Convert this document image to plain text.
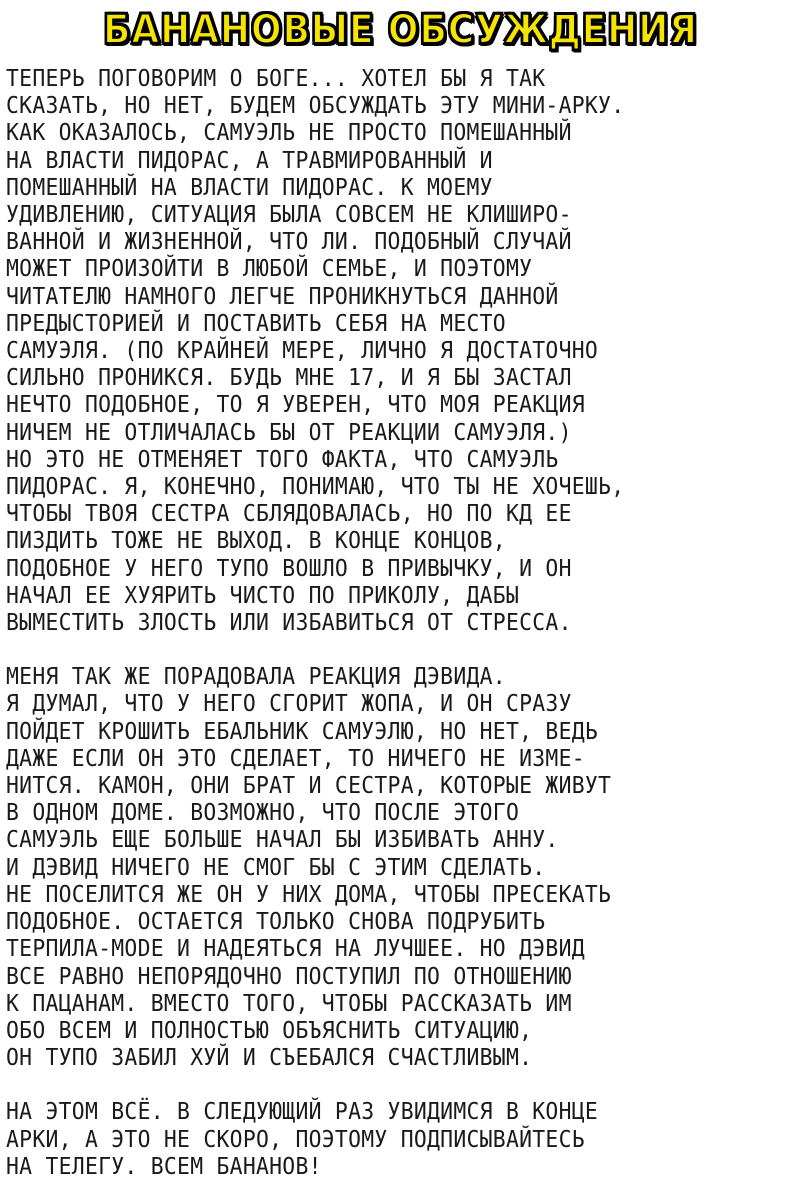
БАНАНОВЫЕ ОБСУЖДЕНИЯ
ТЕПЕРЬ ПОГОВОРИМ О БОГЕ... ХОТЕЛ БЫ Я ТАК
СКАЗАТЬ, НО НЕТ, БУДЕМ ОБСУЖДАТЬ ЭТУ МИНИ-АРКУ.
КАК ОКАЗАЛОСЬ, САМУЭЛЬ НЕ ПРОСТО ПОМЕШАННЫЙ
НА ВЛАСТИ ПИДОРАС, А ТРАВМИРОВАННЫЙ И
ПОМЕШАННЫЙ НА ВЛАСТИ ПИДОРАС. К МОЕМУ
УДИВЛЕНИЮ, СИТУАЦИЯ БЫЛА СОВСЕМ НЕ КЛИШИРО-
ВАННОЙ И ЖИЗНЕННОЙ, ЧТО ЛИ. ПОДОБНЫЙ СЛУЧАЙ
МОЖЕТ ПРОИЗОЙТИ В ЛЮБОЙ СЕМЬЕ, И ПОЭТОМУ
ЧИТАТЕЛЮ НАМНОГО ЛЕГЧЕ ПРОНИКНУТЬСЯ ДАННОЙ
ПРЕДЫСТОРИЕЙ И ПОСТАВИТЬ СЕБЯ НА МЕСТО
САМУЭЛЯ. (ПО КРАЙНЕЙ МЕРЕ, ЛИЧНО Я ДОСТАТОЧНО
СИЛЬНО ПРОНИКСЯ. БУДЬ МНЕ 17, И Я БЫ ЗАСТАЛ
НЕЧТО ПОДОБНОЕ, ТО Я УВЕРЕН, ЧТО МОЯ РЕАКЦИЯ
НИЧЕМ НЕ ОТЛИЧАЛАСЬ БЫ ОТ РЕАКЦИИ САМУЭЛЯ.)
НО ЭТО НЕ ОТМЕНЯЕТ ТОГО ФАКТА, ЧТО САМУЭЛЬ
ПИДОРАС. Я, КОНЕЧНО, ПОНИМАЮ, ЧТО ТЫ НЕ ХОЧЕШЬ,
ЧТОБЫ ТВОЯ СЕСТРА СБЛЯДОВАЛАСЬ, НО ПО КД ЕЕ
ПИЗДИТЬ ТОЖЕ НЕ ВЫХОД. В КОНЦЕ КОНЦОВ,
ПОДОБНОЕ У НЕГО ТУПО ВОШЛО В ПРИВЫЧКУ, И ОН
НАЧАЛ ЕЕ ХУЯРИТЬ ЧИСТО ПО ПРИКОЛУ, ДАБЫ
ВЫМЕСТИТЬ ЗЛОСТЬ ИЛИ ИЗБАВИТЬСЯ ОТ СТРЕССА.
МЕНЯ ТАК ЖЕ ПОРАДОВАЛА РЕАКЦИЯ ДЭВИДА.
Я ДУМАЛ, ЧТО У НЕГО СГОРИТ ЖОПА, И ОН СРАЗУ
ПОЙДЕТ КРОШИТЬ ЕБАЛЬНИК САМУЭЛЮ, НО НЕТ, ВЕДЬ
ДАЖЕ ЕСЛИ ОН ЭТО СДЕЛАЕТ, ТО НИЧЕГО НЕ ИЗМЕ-
НИТСЯ. КАМОН, ОНИ БРАТ И СЕСТРА, КОТОРЫЕ ЖИВУТ
В ОДНОМ ДОМЕ. ВОЗМОЖНО, ЧТО ПОСЛЕ ЭТОГО
САМУЭЛЬ ЕЩЕ БОЛЬШЕ НАЧАЛ БЫ ИЗБИВАТЬ АННУ.
И ДЭВИД НИЧЕГО НЕ СМОГ БЫ С ЭТИМ СДЕЛАТЬ.
НЕ ПОСЕЛИТСЯ ЖЕ ОН У НИХ ДОМА, ЧТОБЫ ПРЕСЕКАТЬ
ПОДОБНОЕ. ОСТАЕТСЯ ТОЛЬКО СНОВА ПОДРУБИТЬ
ТЕРПИЛА-MODE И НАДЕЯТЬСЯ НА ЛУЧШЕЕ. НО ДЭВИД
ВСЕ РАВНО НЕПОРЯДОЧНО ПОСТУПИЛ ПО ОТНОШЕНИЮ
К ПАЦАНАМ. ВМЕСТО ТОГО, ЧТОБЫ РАССКАЗАТЬ ИМ
ОБО ВСЕМ И ПОЛНОСТЬЮ ОБЪЯСНИТЬ СИТУАЦИЮ,
ОН ТУПО ЗАБИЛ ХУЙ И СЪЕБАЛСЯ СЧАСТЛИВЫМ.
НА ЭТОМ ВСЁ. В СЛЕДУЮЩИЙ РАЗ УВИДИМСЯ В КОНЦЕ
АРКИ, А ЭТО НЕ СКОРО, ПОЭТОМУ ПОДПИСЫВАЙТЕСЬ
НА ТЕЛЕГУ. ВСЕМ БАНАНОВ!
